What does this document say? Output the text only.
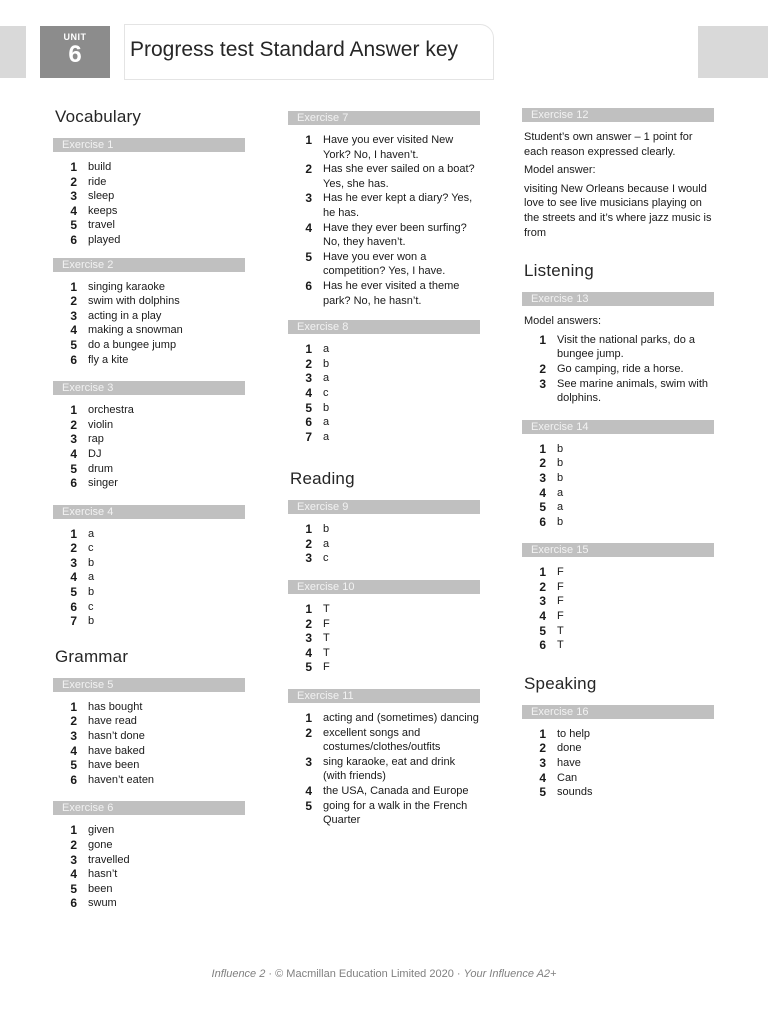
UNIT
6	Progress test Standard Answer key
Vocabulary
Exercise 1
1	build
2	ride
3	sleep
4	keeps
5	travel
6	played
Exercise 2
1	singing karaoke
2	swim with dolphins
3	acting in a play
4	making a snowman
5	do a bungee jump
6	fly a kite
Exercise 3
1	orchestra
2	violin
3	rap
4	DJ
5	drum
6	singer
Exercise 4
1	a
2	c
3	b
4	a
5	b
6	c
7	b
Grammar
Exercise 5
1	has bought
2	have read
3	hasn’t done
4	have baked
5	have been
6	haven’t eaten
Exercise 6
1	given
2	gone
3	travelled
4	hasn’t
5	been
6	swum
Exercise 7
1	Have you ever visited New York? No, I haven’t.
2	Has she ever sailed on a boat? Yes, she has.
3	Has he ever kept a diary? Yes, he has.
4	Have they ever been surfing? No, they haven’t.
5	Have you ever won a competition? Yes, I have.
6	Has he ever visited a theme park? No, he hasn’t.
Exercise 8
1	a
2	b
3	a
4	c
5	b
6	a
7	a
Reading
Exercise 9
1	b
2	a
3	c
Exercise 10
1	T
2	F
3	T
4	T
5	F
Exercise 11
1	acting and (sometimes) dancing
2	excellent songs and costumes/clothes/outfits
3	sing karaoke, eat and drink (with friends)
4	the USA, Canada and Europe
5	going for a walk in the French Quarter
Exercise 12

Student’s own answer – 1 point for each reason expressed clearly.

Model answer:

visiting New Orleans because I would love to see live musicians playing on the streets and it’s where jazz music is from

Listening
Exercise 13

Model answers:

1	Visit the national parks, do a bungee jump.
2	Go camping, ride a horse.
3	See marine animals, swim with dolphins.
Exercise 14
1	b
2	b
3	b
4	a
5	a
6	b
Exercise 15
1	F
2	F
3	F
4	F
5	T
6	T
Speaking
Exercise 16
1	to help
2	done
3	have
4	Can
5	sounds
Influence 2 · © Macmillan Education Limited 2020 · Your Influence A2+
